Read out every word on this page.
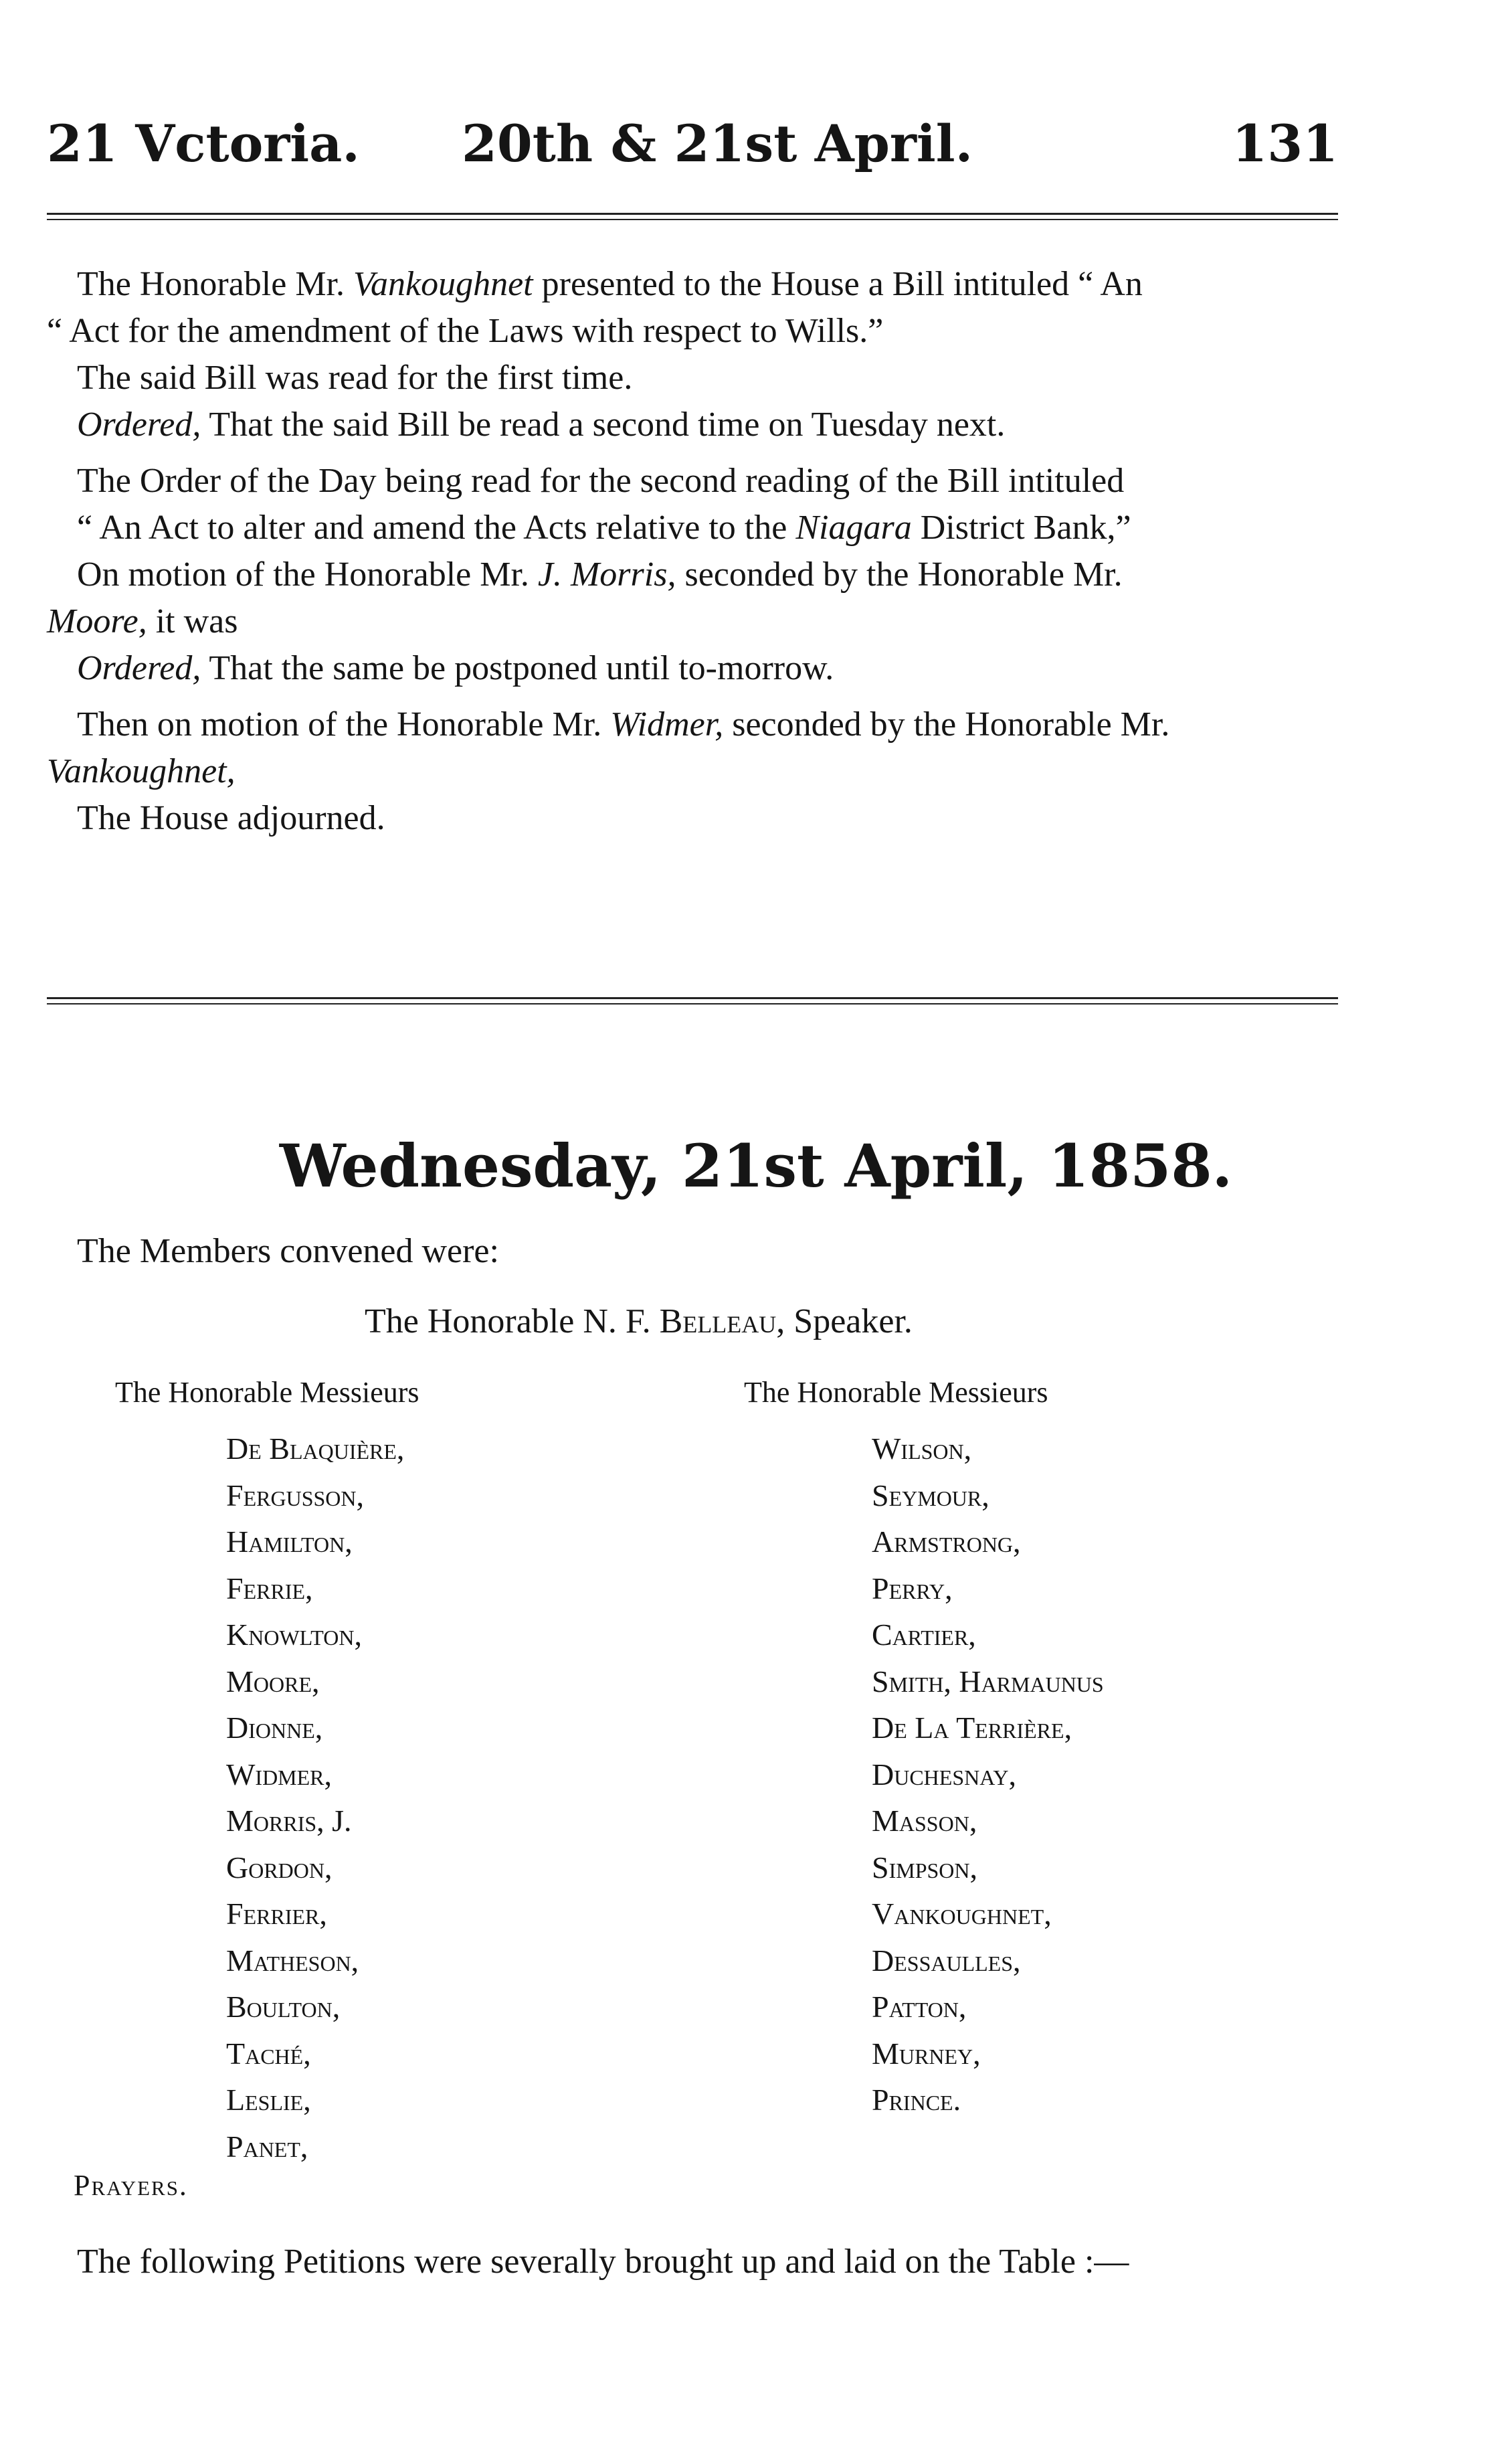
21 Vctoria. 20th & 21st April.	131
The Honorable Mr. Vankoughnet presented to the House a Bill intituled “ An
“ Act for the amendment of the Laws with respect to Wills.”
The said Bill was read for the first time.
Ordered, That the said Bill be read a second time on Tuesday next.
The Order of the Day being read for the second reading of the Bill intituled
“ An Act to alter and amend the Acts relative to the Niagara District Bank,”
On motion of the Honorable Mr. J. Morris, seconded by the Honorable Mr.
Moore, it was
Ordered, That the same be postponed until to-morrow.
Then on motion of the Honorable Mr. Widmer, seconded by the Honorable Mr.
Vankoughnet,
The House adjourned.
Wednesday, 21st April, 1858.
The Members convened were:
The Honorable N. F. Belleau, Speaker.
The Honorable Messieurs	The Honorable Messieurs
De Blaquière,
Fergusson,
Hamilton,
Ferrie,
Knowlton,
Moore,
Dionne,
Widmer,
Morris, J.
Gordon,
Ferrier,
Matheson,
Boulton,
Taché,
Leslie,
Panet,
Wilson,
Seymour,
Armstrong,
Perry,
Cartier,
Smith, Harmaunus
De La Terrière,
Duchesnay,
Masson,
Simpson,
Vankoughnet,
Dessaulles,
Patton,
Murney,
Prince.
Prayers.
The following Petitions were severally brought up and laid on the Table :—
